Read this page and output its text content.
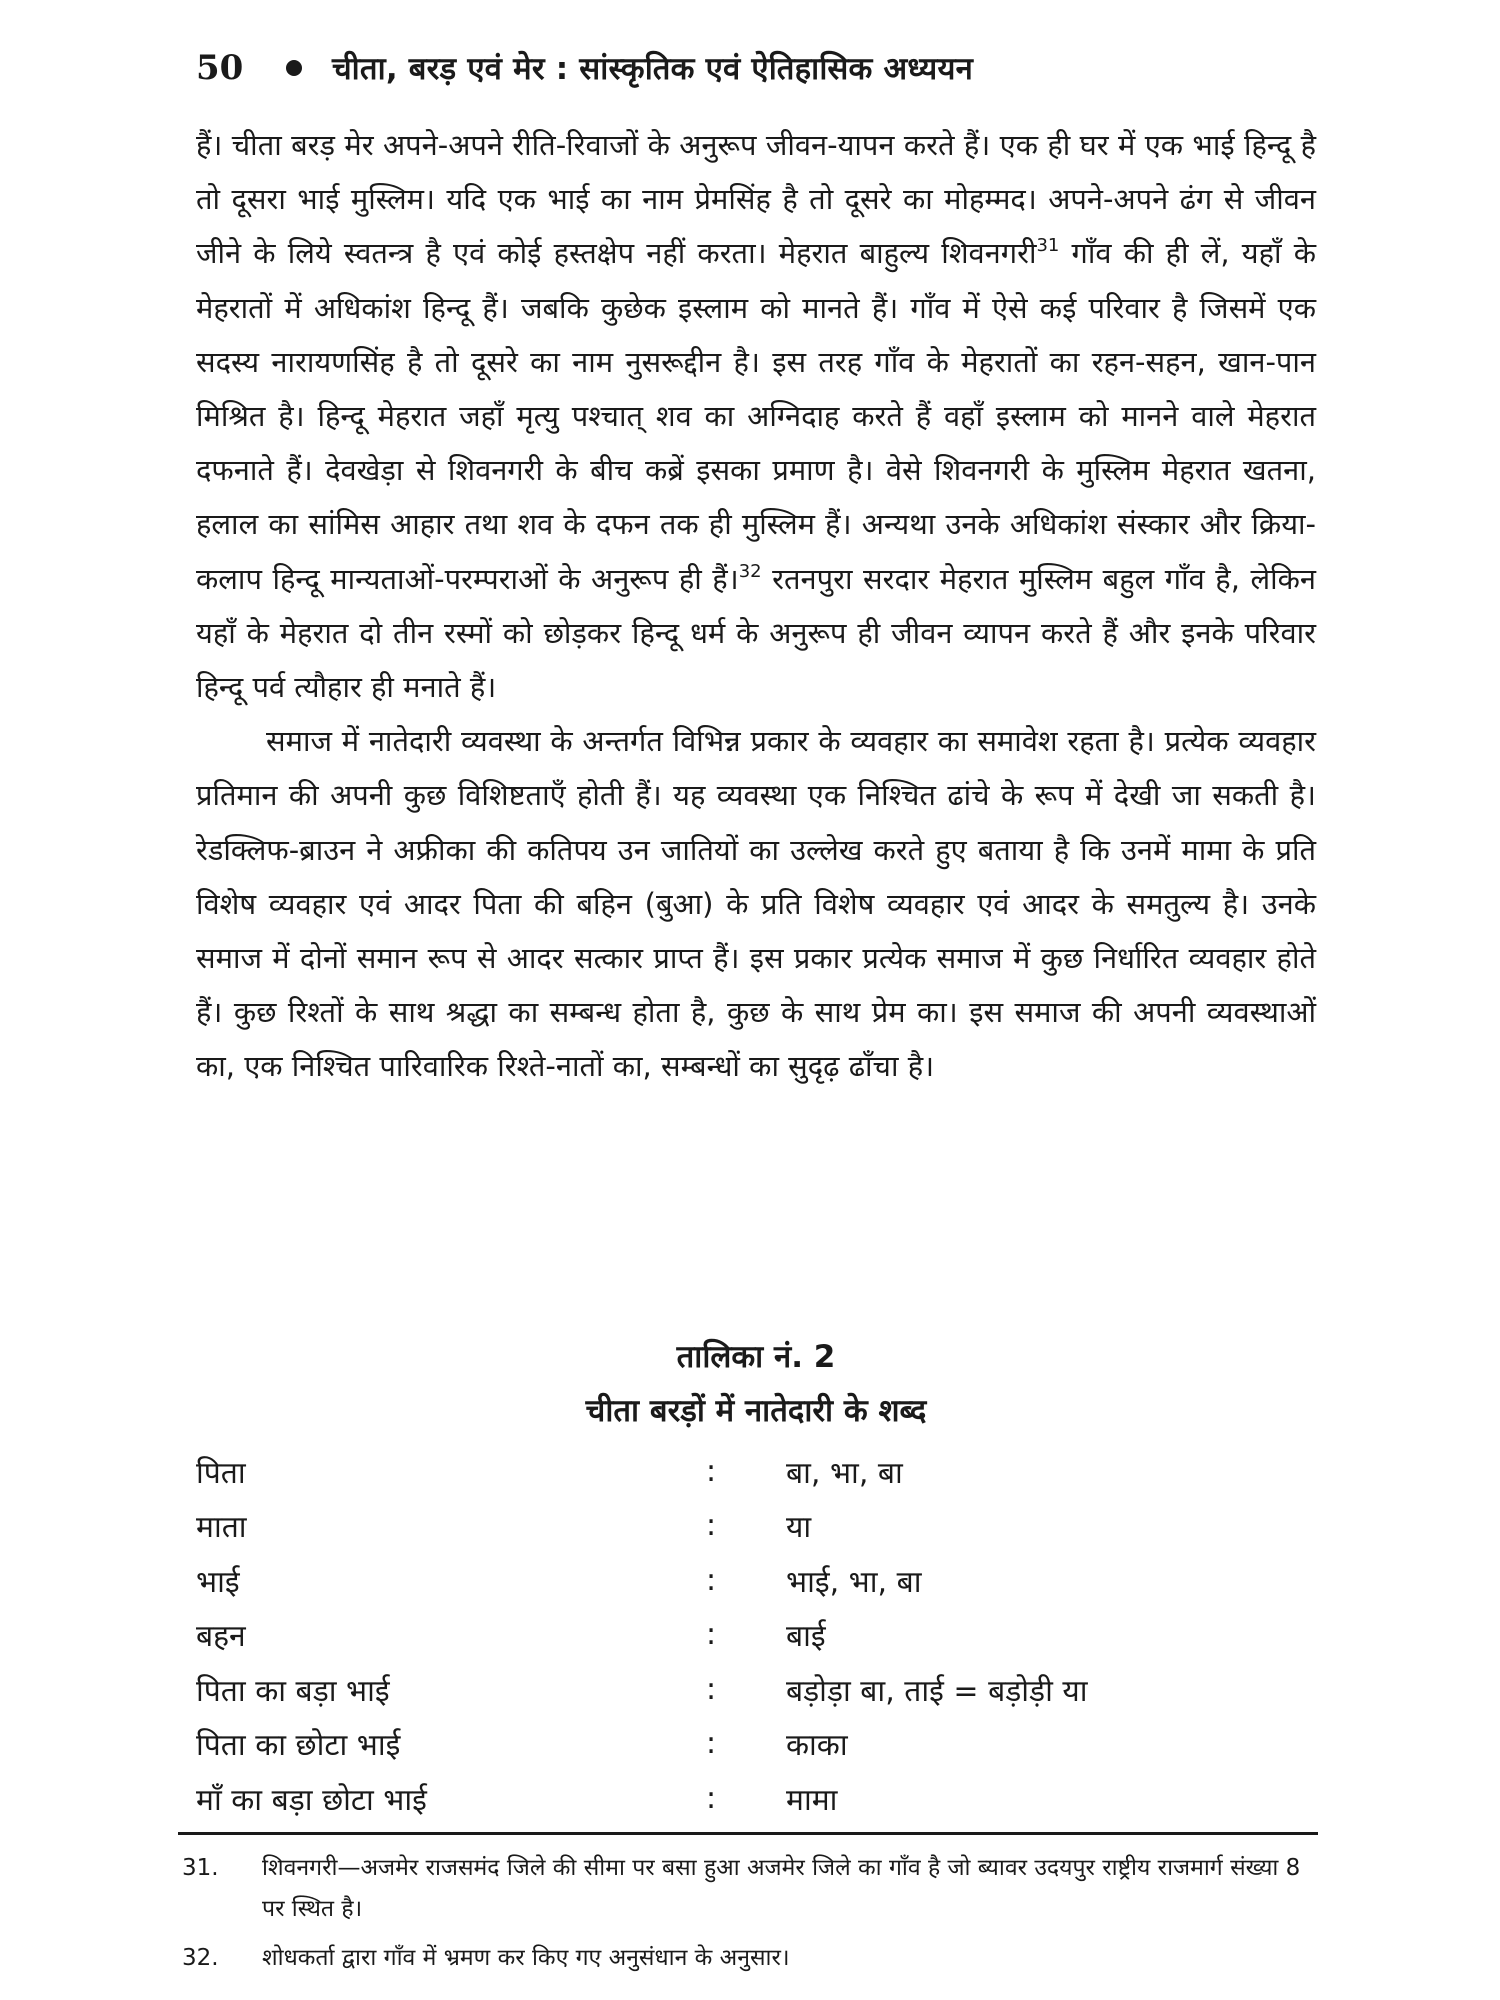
50	चीता, बरड़ एवं मेर : सांस्कृतिक एवं ऐतिहासिक अध्ययन

हैं। चीता बरड़ मेर अपने-अपने रीति-रिवाजों के अनुरूप जीवन-यापन करते हैं। एक ही घर में एक भाई हिन्दू है तो दूसरा भाई मुस्लिम। यदि एक भाई का नाम प्रेमसिंह है तो दूसरे का मोहम्मद। अपने-अपने ढंग से जीवन जीने के लिये स्वतन्त्र है एवं कोई हस्तक्षेप नहीं करता। मेहरात बाहुल्य शिवनगरी$^{31}$ गाँव की ही लें, यहाँ के मेहरातों में अधिकांश हिन्दू हैं। जबकि कुछेक इस्लाम को मानते हैं। गाँव में ऐसे कई परिवार है जिसमें एक सदस्य नारायणसिंह है तो दूसरे का नाम नुसरूद्दीन है। इस तरह गाँव के मेहरातों का रहन-सहन, खान-पान मिश्रित है। हिन्दू मेहरात जहाँ मृत्यु पश्चात् शव का अग्निदाह करते हैं वहाँ इस्लाम को मानने वाले मेहरात दफनाते हैं। देवखेड़ा से शिवनगरी के बीच कब्रें इसका प्रमाण है। वेसे शिवनगरी के मुस्लिम मेहरात खतना, हलाल का सांमिस आहार तथा शव के दफन तक ही मुस्लिम हैं। अन्यथा उनके अधिकांश संस्कार और क्रिया-कलाप हिन्दू मान्यताओं-परम्पराओं के अनुरूप ही हैं।$^{32}$ रतनपुरा सरदार मेहरात मुस्लिम बहुल गाँव है, लेकिन यहाँ के मेहरात दो तीन रस्मों को छोड़कर हिन्दू धर्म के अनुरूप ही जीवन व्यापन करते हैं और इनके परिवार हिन्दू पर्व त्यौहार ही मनाते हैं।

समाज में नातेदारी व्यवस्था के अन्तर्गत विभिन्न प्रकार के व्यवहार का समावेश रहता है। प्रत्येक व्यवहार प्रतिमान की अपनी कुछ विशिष्टताएँ होती हैं। यह व्यवस्था एक निश्चित ढांचे के रूप में देखी जा सकती है। रेडक्लिफ-ब्राउन ने अफ्रीका की कतिपय उन जातियों का उल्लेख करते हुए बताया है कि उनमें मामा के प्रति विशेष व्यवहार एवं आदर पिता की बहिन (बुआ) के प्रति विशेष व्यवहार एवं आदर के समतुल्य है। उनके समाज में दोनों समान रूप से आदर सत्कार प्राप्त हैं। इस प्रकार प्रत्येक समाज में कुछ निर्धारित व्यवहार होते हैं। कुछ रिश्तों के साथ श्रद्धा का सम्बन्ध होता है, कुछ के साथ प्रेम का। इस समाज की अपनी व्यवस्थाओं का, एक निश्चित पारिवारिक रिश्ते-नातों का, सम्बन्धों का सुदृढ़ ढाँचा है।

तालिका नं. 2
चीता बरड़ों में नातेदारी के शब्द
पिता	:	बा, भा, बा
माता	:	या
भाई	:	भाई, भा, बा
बहन	:	बाई
पिता का बड़ा भाई	:	बड़ोड़ा बा, ताई = बड़ोड़ी या
पिता का छोटा भाई	:	काका
माँ का बड़ा छोटा भाई	:	मामा
31.	शिवनगरी—अजमेर राजसमंद जिले की सीमा पर बसा हुआ अजमेर जिले का गाँव है जो ब्यावर उदयपुर राष्ट्रीय राजमार्ग संख्या 8 पर स्थित है।
32.	शोधकर्ता द्वारा गाँव में भ्रमण कर किए गए अनुसंधान के अनुसार।
